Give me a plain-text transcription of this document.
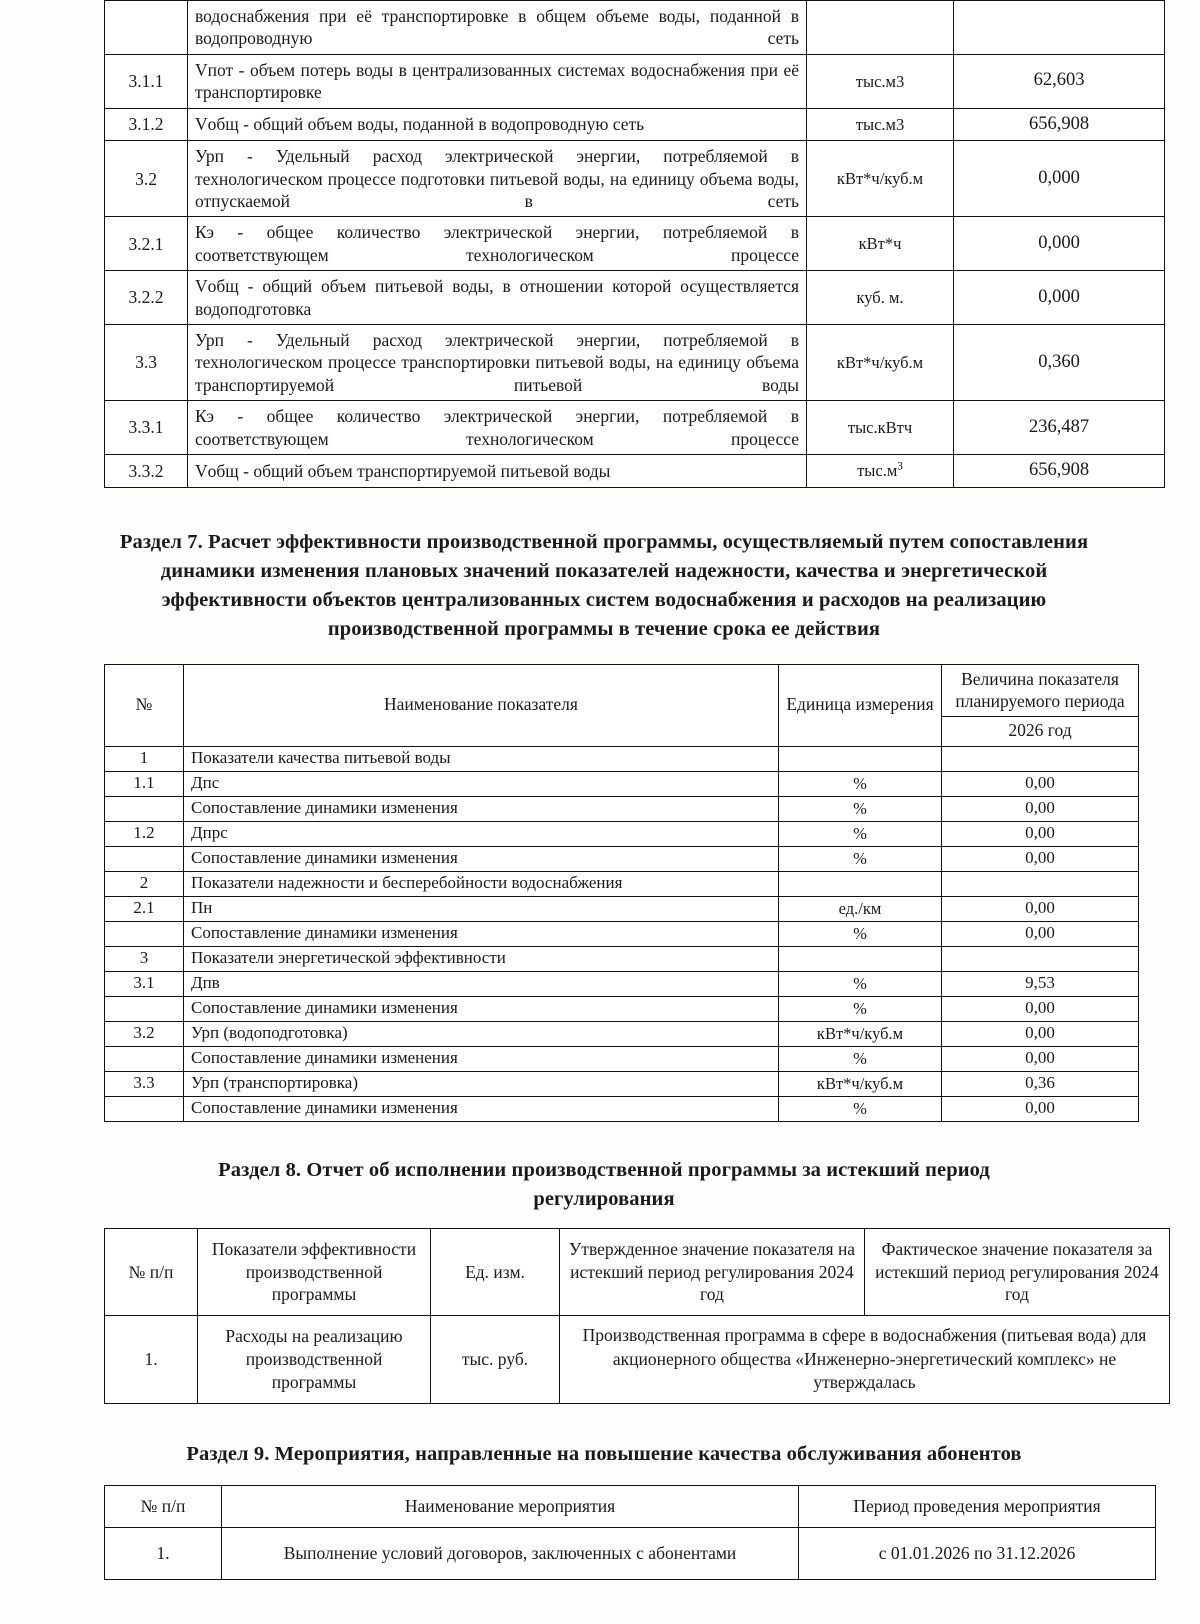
	водоснабжения при её транспортировке в общем объеме воды, поданной в водопроводную сеть		
3.1.1	Vпот - объем потерь воды в централизованных системах водоснабжения при её транспортировке	тыс.м3	62,603
3.1.2	Vобщ - общий объем воды, поданной в водопроводную сеть	тыс.м3	656,908
3.2	Урп - Удельный расход электрической энергии, потребляемой в технологическом процессе подготовки питьевой воды, на единицу объема воды, отпускаемой в сеть	кВт*ч/куб.м	0,000
3.2.1	Кэ - общее количество электрической энергии, потребляемой в соответствующем технологическом процессе	кВт*ч	0,000
3.2.2	Vобщ - общий объем питьевой воды, в отношении которой осуществляется водоподготовка	куб. м.	0,000
3.3	Урп - Удельный расход электрической энергии, потребляемой в технологическом процессе транспортировки питьевой воды, на единицу объема транспортируемой питьевой воды	кВт*ч/куб.м	0,360
3.3.1	Кэ - общее количество электрической энергии, потребляемой в соответствующем технологическом процессе	тыс.кВтч	236,487
3.3.2	Vобщ - общий объем транспортируемой питьевой воды	$тыс.м^3$	656,908
Раздел 7. Расчет эффективности производственной программы, осуществляемый путем сопоставления динамики изменения плановых значений показателей надежности, качества и энергетической эффективности объектов централизованных систем водоснабжения и расходов на реализацию производственной программы в течение срока ее действия
№	Наименование показателя	Единица измерения	Величина показателя планируемого периода
2026 год

1	Показатели качества питьевой воды		
1.1	Дпс	%	0,00
	Сопоставление динамики изменения	%	0,00
1.2	Дпрс	%	0,00
	Сопоставление динамики изменения	%	0,00
2	Показатели надежности и бесперебойности водоснабжения		
2.1	Пн	ед./км	0,00
	Сопоставление динамики изменения	%	0,00
3	Показатели энергетической эффективности		
3.1	Дпв	%	9,53
	Сопоставление динамики изменения	%	0,00
3.2	Урп (водоподготовка)	кВт*ч/куб.м	0,00
	Сопоставление динамики изменения	%	0,00
3.3	Урп (транспортировка)	кВт*ч/куб.м	0,36
	Сопоставление динамики изменения	%	0,00
Раздел 8. Отчет об исполнении производственной программы за истекший период
регулирования
№ п/п	Показатели эффективности производственной программы	Ед. изм.	Утвержденное значение показателя на истекший период регулирования 2024 год	Фактическое значение показателя за истекший период регулирования 2024 год
1.	Расходы на реализацию производственной программы	тыс. руб.	Производственная программа в сфере в водоснабжения (питьевая вода) для акционерного общества «Инженерно-энергетический комплекс» не утверждалась	
Раздел 9. Мероприятия, направленные на повышение качества обслуживания абонентов
№ п/п	Наименование мероприятия	Период проведения мероприятия
1.	Выполнение условий договоров, заключенных с абонентами	с 01.01.2026 по 31.12.2026
